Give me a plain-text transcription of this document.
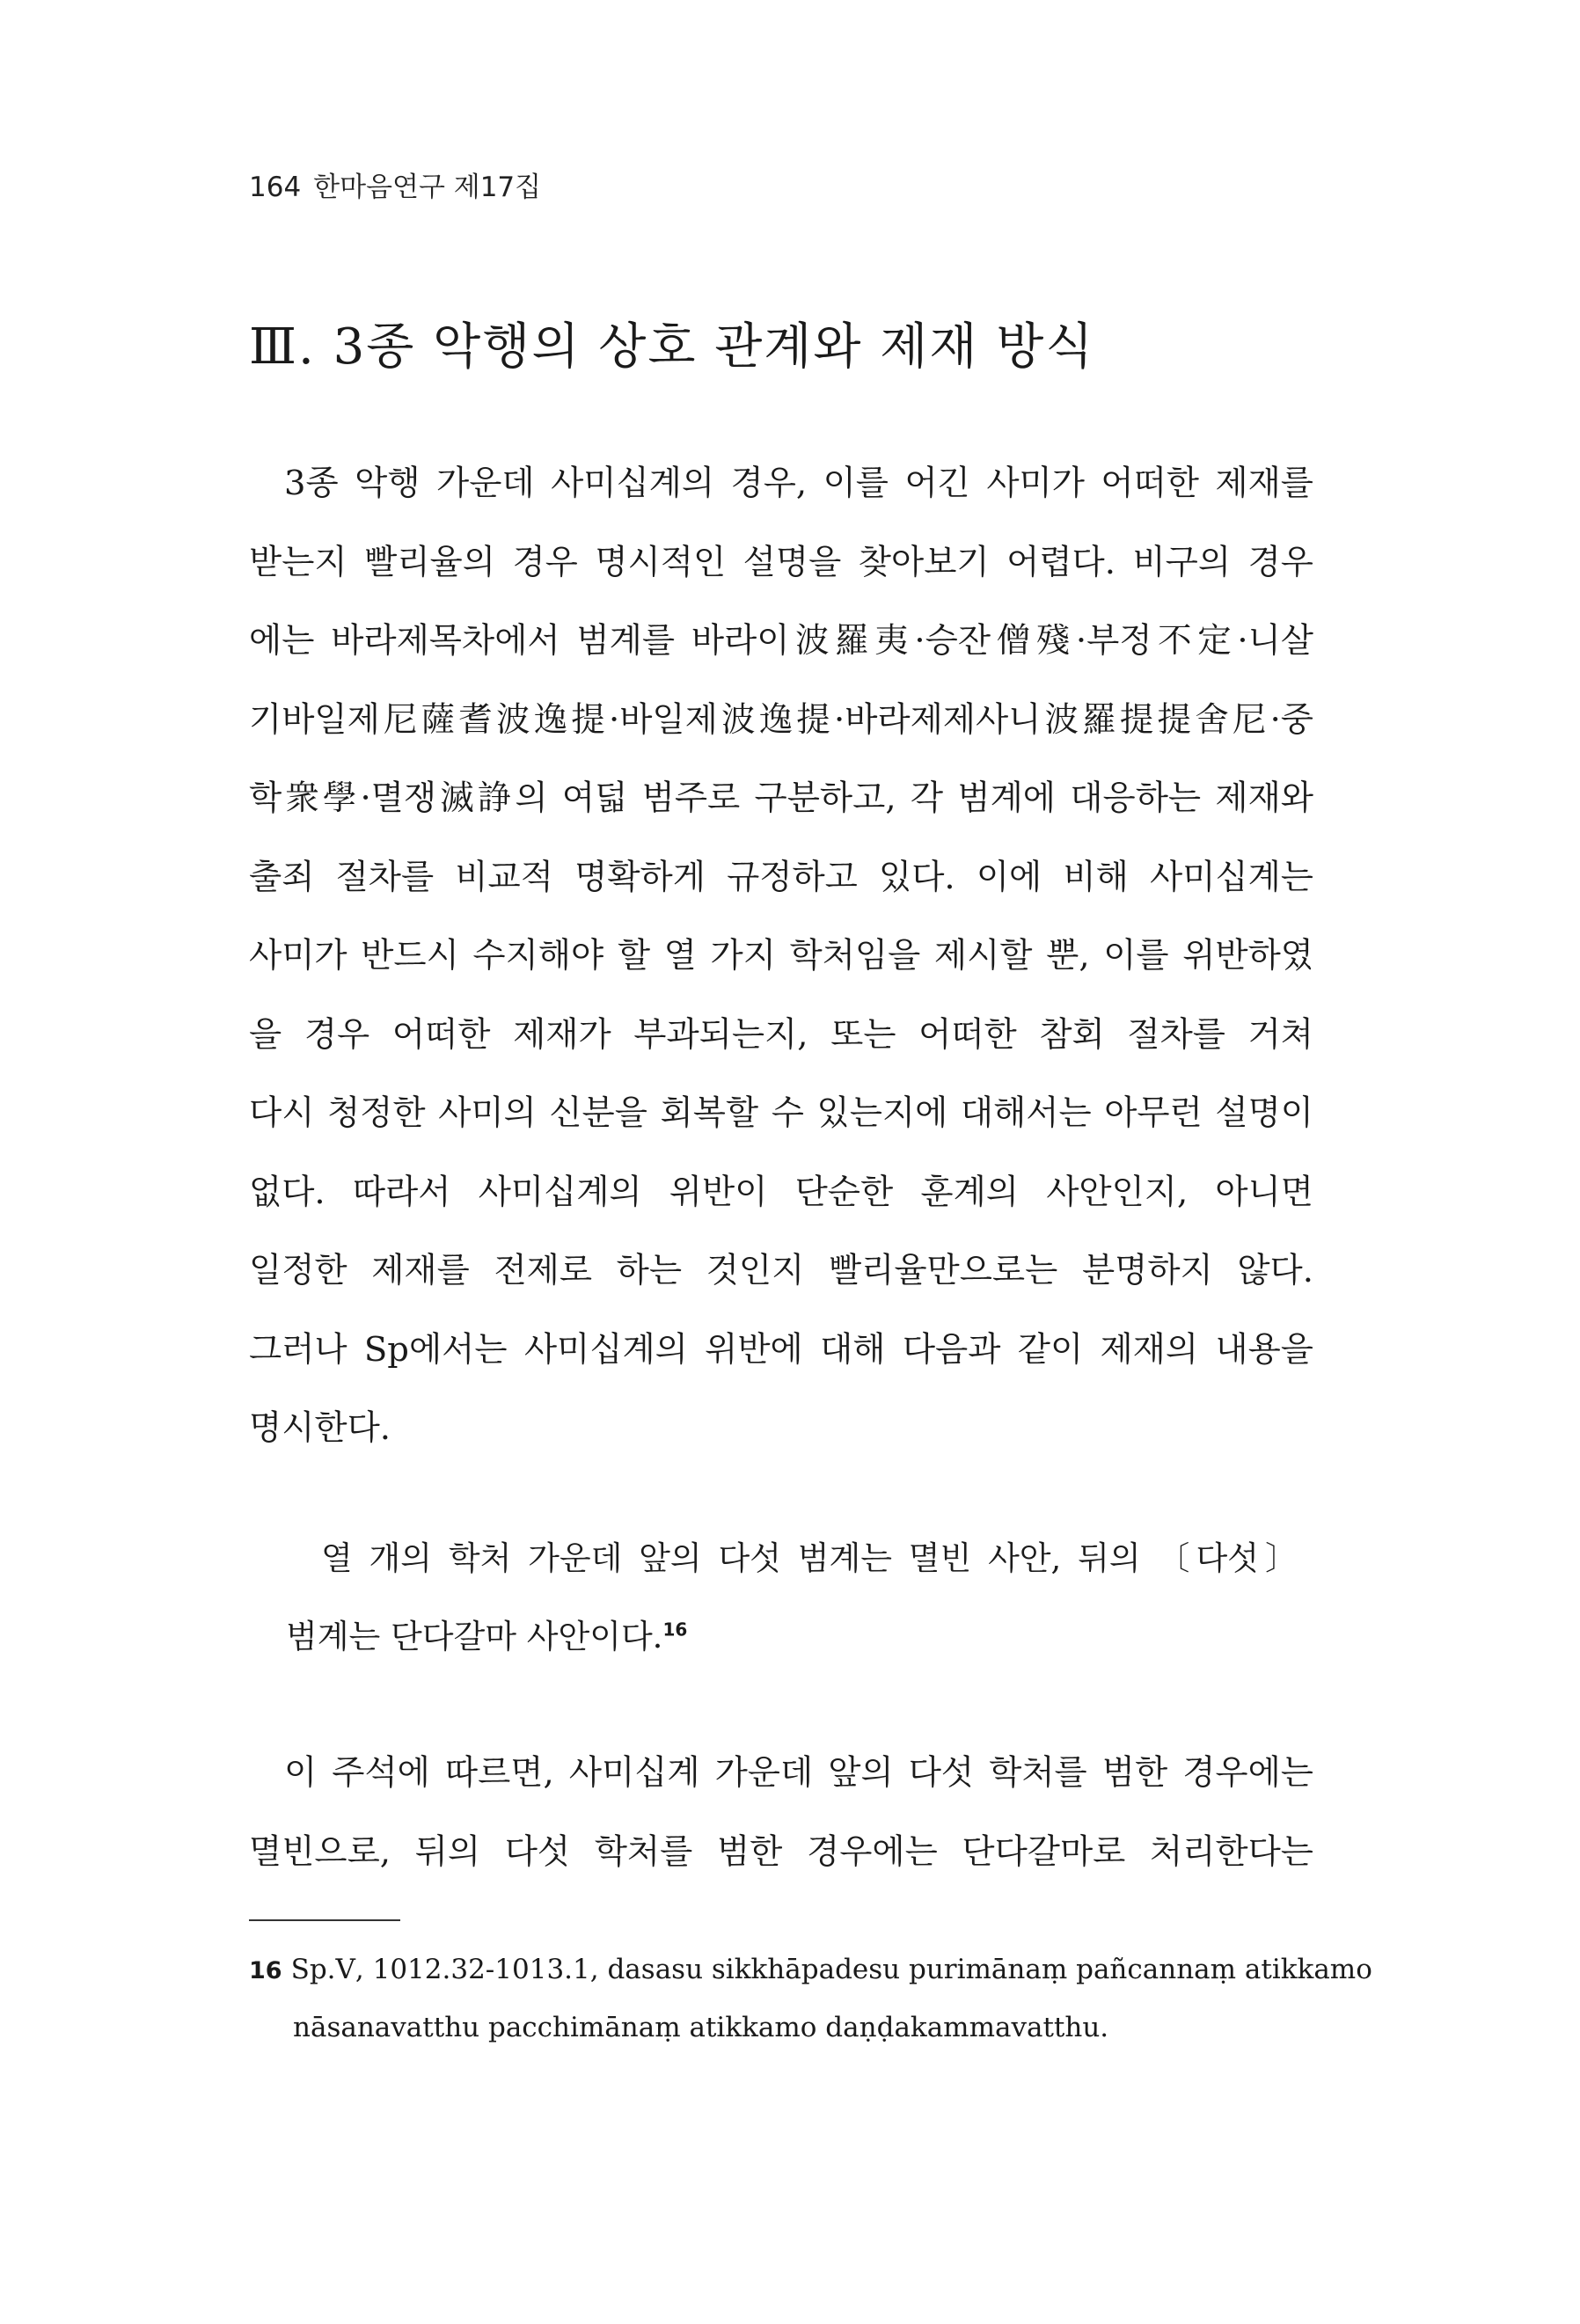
164 한마음연구 제17집
Ⅲ. 3종 악행의 상호 관계와 제재 방식

3종 악행 가운데 사미십계의 경우, 이를 어긴 사미가 어떠한 제재를
받는지 빨리율의 경우 명시적인 설명을 찾아보기 어렵다. 비구의 경우
에는 바라제목차에서 범계를 바라이波羅夷·승잔僧殘·부정不定·니살
기바일제尼薩耆波逸提·바일제波逸提·바라제제사니波羅提提舍尼·중
학衆學·멸쟁滅諍의 여덟 범주로 구분하고, 각 범계에 대응하는 제재와
출죄 절차를 비교적 명확하게 규정하고 있다. 이에 비해 사미십계는
사미가 반드시 수지해야 할 열 가지 학처임을 제시할 뿐, 이를 위반하였
을 경우 어떠한 제재가 부과되는지, 또는 어떠한 참회 절차를 거쳐
다시 청정한 사미의 신분을 회복할 수 있는지에 대해서는 아무런 설명이
없다. 따라서 사미십계의 위반이 단순한 훈계의 사안인지, 아니면
일정한 제재를 전제로 하는 것인지 빨리율만으로는 분명하지 않다.
그러나 Sp에서는 사미십계의 위반에 대해 다음과 같이 제재의 내용을
명시한다.

열 개의 학처 가운데 앞의 다섯 범계는 멸빈 사안, 뒤의 〔다섯〕
범계는 단다갈마 사안이다.$^{16}$

이 주석에 따르면, 사미십계 가운데 앞의 다섯 학처를 범한 경우에는
멸빈으로, 뒤의 다섯 학처를 범한 경우에는 단다갈마로 처리한다는

16 Sp.Ⅴ, 1012.32-1013.1, dasasu sikkhāpadesu purimānaṃ pañcannaṃ atikkamo
nāsanavatthu pacchimānaṃ atikkamo daṇḍakammavatthu.
